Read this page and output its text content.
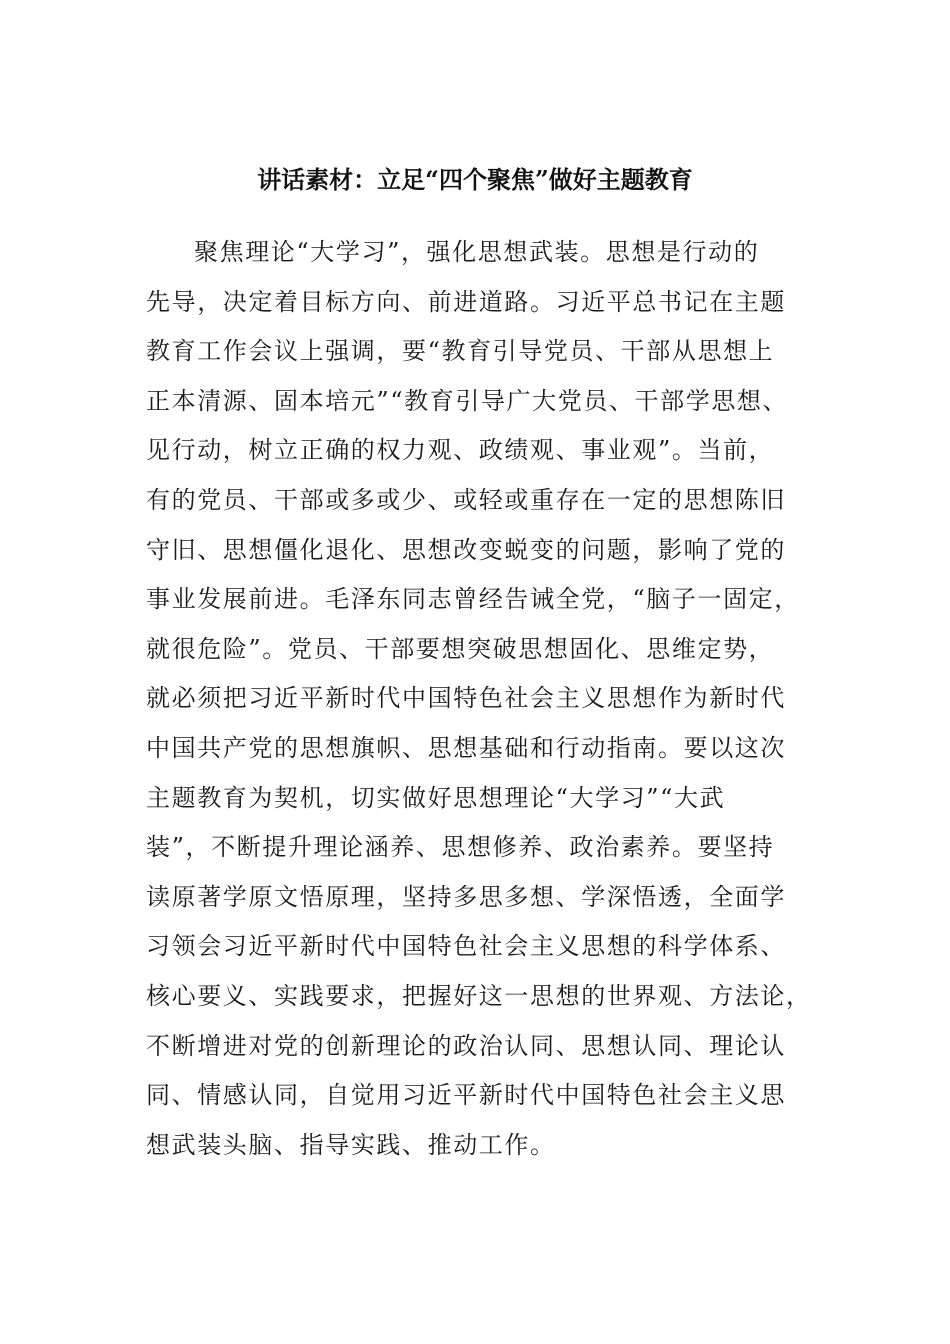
讲话素材：立足“四个聚焦”做好主题教育
聚焦理论“大学习”，强化思想武装。思想是行动的
先导，决定着目标方向、前进道路。习近平总书记在主题
教育工作会议上强调，要“教育引导党员、干部从思想上
正本清源、固本培元”“教育引导广大党员、干部学思想、
见行动，树立正确的权力观、政绩观、事业观”。当前，
有的党员、干部或多或少、或轻或重存在一定的思想陈旧
守旧、思想僵化退化、思想改变蜕变的问题，影响了党的
事业发展前进。毛泽东同志曾经告诫全党，“脑子一固定，
就很危险”。党员、干部要想突破思想固化、思维定势，
就必须把习近平新时代中国特色社会主义思想作为新时代
中国共产党的思想旗帜、思想基础和行动指南。要以这次
主题教育为契机，切实做好思想理论“大学习”“大武
装”，不断提升理论涵养、思想修养、政治素养。要坚持
读原著学原文悟原理，坚持多思多想、学深悟透，全面学
习领会习近平新时代中国特色社会主义思想的科学体系、
核心要义、实践要求，把握好这一思想的世界观、方法论，
不断增进对党的创新理论的政治认同、思想认同、理论认
同、情感认同，自觉用习近平新时代中国特色社会主义思
想武装头脑、指导实践、推动工作。
